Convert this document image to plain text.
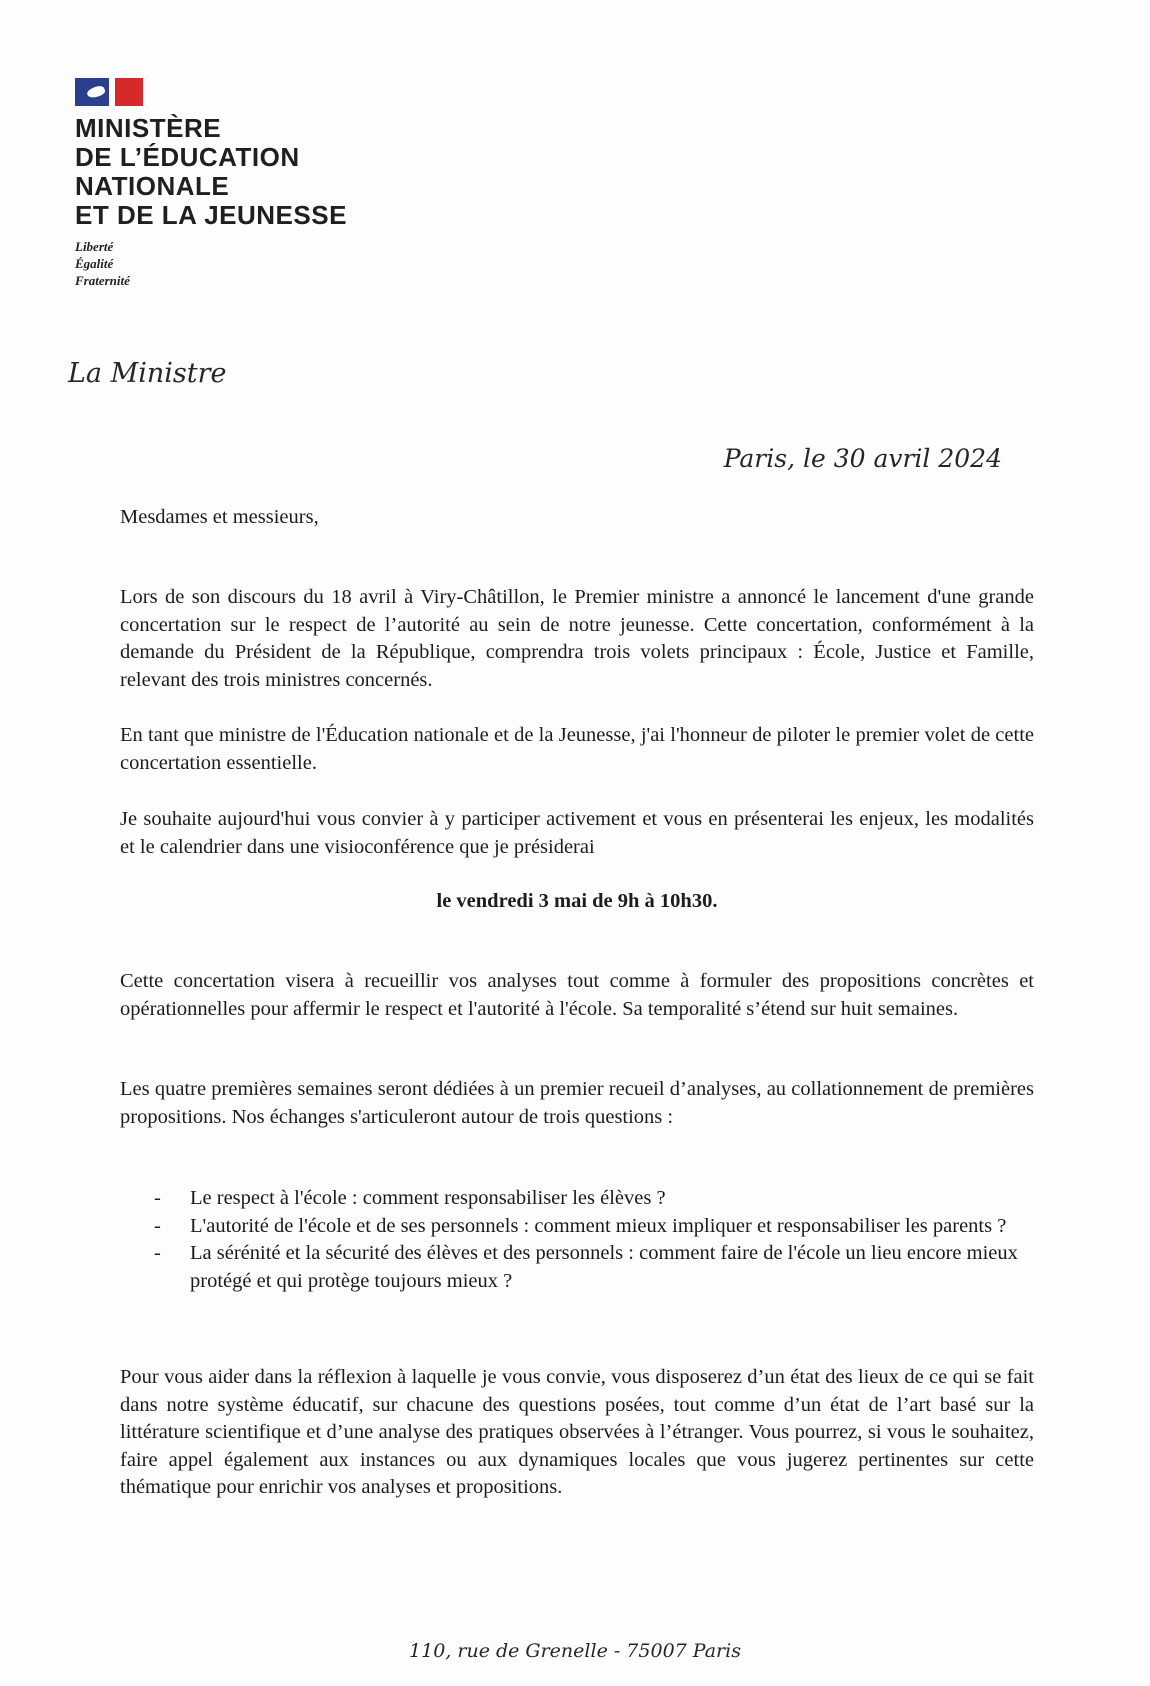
MINISTÈRE

DE L’ÉDUCATION

NATIONALE

ET DE LA JEUNESSE

Liberté
Égalité
Fraternité
La Ministre
Paris, le 30 avril 2024

Mesdames et messieurs,

Lors de son discours du 18 avril à Viry-Châtillon, le Premier ministre a annoncé le lancement d'une grande concertation sur le respect de l’autorité au sein de notre jeunesse. Cette concertation, conformément à la demande du Président de la République, comprendra trois volets principaux : École, Justice et Famille, relevant des trois ministres concernés.

En tant que ministre de l'Éducation nationale et de la Jeunesse, j'ai l'honneur de piloter le premier volet de cette concertation essentielle.

Je souhaite aujourd'hui vous convier à y participer activement et vous en présenterai les enjeux, les modalités et le calendrier dans une visioconférence que je présiderai

le vendredi 3 mai de 9h à 10h30.

Cette concertation visera à recueillir vos analyses tout comme à formuler des propositions concrètes et opérationnelles pour affermir le respect et l'autorité à l'école. Sa temporalité s’étend sur huit semaines.

Les quatre premières semaines seront dédiées à un premier recueil d’analyses, au collationnement de premières propositions. Nos échanges s'articuleront autour de trois questions :

- Le respect à l'école : comment responsabiliser les élèves ?
- L'autorité de l'école et de ses personnels : comment mieux impliquer et responsabiliser les parents ?
- La sérénité et la sécurité des élèves et des personnels : comment faire de l'école un lieu encore mieux protégé et qui protège toujours mieux ?

Pour vous aider dans la réflexion à laquelle je vous convie, vous disposerez d’un état des lieux de ce qui se fait dans notre système éducatif, sur chacune des questions posées, tout comme d’un état de l’art basé sur la littérature scientifique et d’une analyse des pratiques observées à l’étranger. Vous pourrez, si vous le souhaitez, faire appel également aux instances ou aux dynamiques locales que vous jugerez pertinentes sur cette thématique pour enrichir vos analyses et propositions.

110, rue de Grenelle - 75007 Paris
